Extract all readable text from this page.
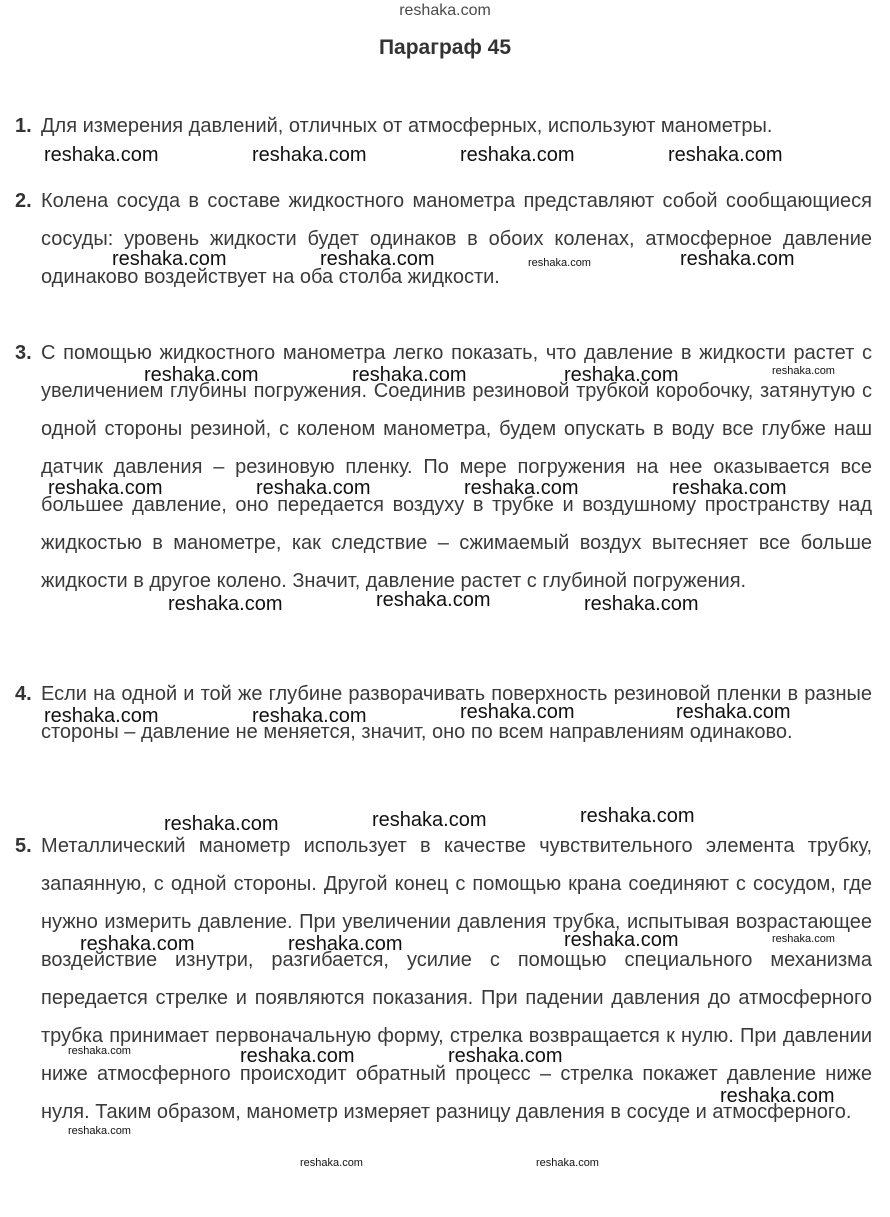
reshaka.com
Параграф 45
1. Для измерения давлений, отличных от атмосферных, используют манометры.

2. Колена сосуда в составе жидкостного манометра представляют собой сообщающиеся сосуды: уровень жидкости будет одинаков в обоих коленах, атмосферное давление одинаково воздействует на оба столба жидкости.

3. С помощью жидкостного манометра легко показать, что давление в жидкости растет с увеличением глубины погружения. Соединив резиновой трубкой коробочку, затянутую с одной стороны резиной, с коленом манометра, будем опускать в воду все глубже наш датчик давления – резиновую пленку. По мере погружения на нее оказывается все большее давление, оно передается воздуху в трубке и воздушному пространству над жидкостью в манометре, как следствие – сжимаемый воздух вытесняет все больше жидкости в другое колено. Значит, давление растет с глубиной погружения.

4. Если на одной и той же глубине разворачивать поверхность резиновой пленки в разные стороны – давление не меняется, значит, оно по всем направлениям одинаково.

5. Металлический манометр использует в качестве чувствительного элемента трубку, запаянную, с одной стороны. Другой конец с помощью крана соединяют с сосудом, где нужно измерить давление. При увеличении давления трубка, испытывая возрастающее воздействие изнутри, разгибается, усилие с помощью специального механизма передается стрелке и появляются показания. При падении давления до атмосферного трубка принимает первоначальную форму, стрелка возвращается к нулю. При давлении ниже атмосферного происходит обратный процесс – стрелка покажет давление ниже нуля. Таким образом, манометр измеряет разницу давления в сосуде и атмосферного.

reshaka.com	reshaka.com	reshaka.com	reshaka.com
reshaka.com	reshaka.com	reshaka.com	reshaka.com
reshaka.com	reshaka.com	reshaka.com	reshaka.com
reshaka.com	reshaka.com	reshaka.com	reshaka.com
reshaka.com	reshaka.com	reshaka.com
reshaka.com	reshaka.com	reshaka.com	reshaka.com
reshaka.com	reshaka.com	reshaka.com
reshaka.com	reshaka.com	reshaka.com	reshaka.com
reshaka.com	reshaka.com	reshaka.com
reshaka.com
reshaka.com
reshaka.com	reshaka.com
